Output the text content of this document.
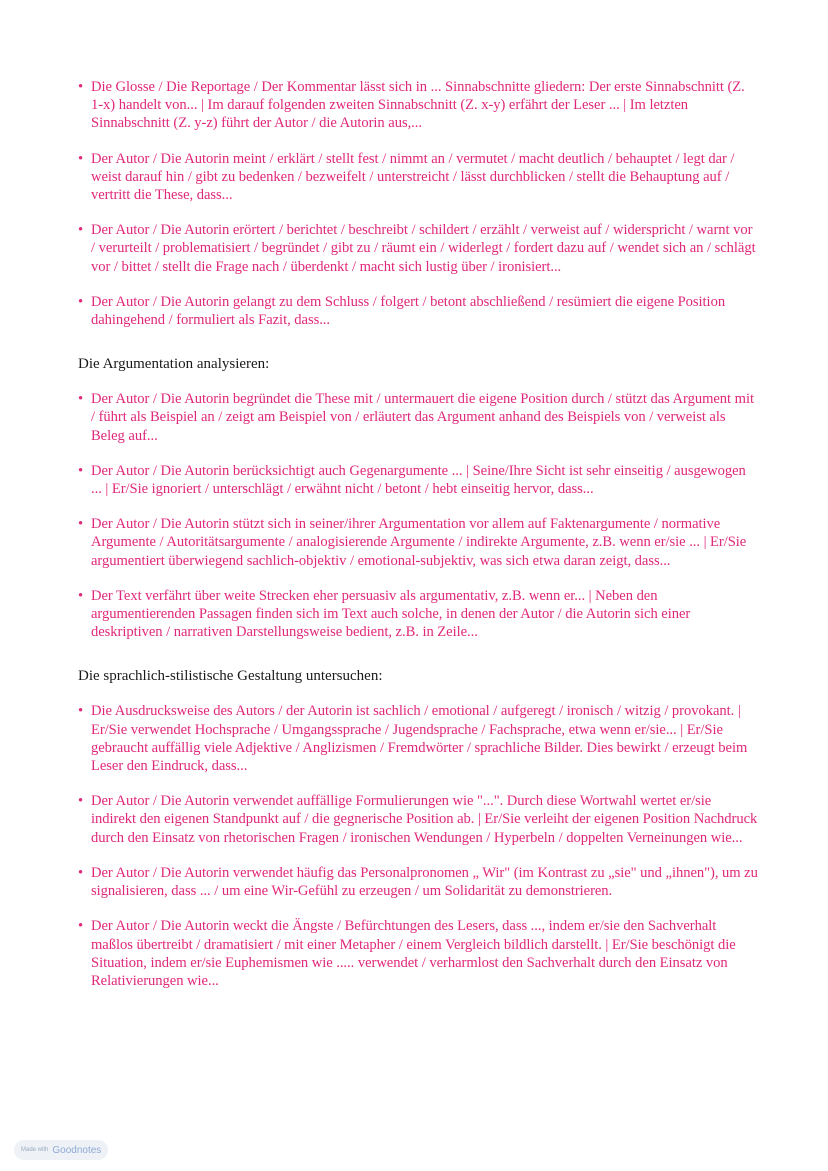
• Die Glosse / Die Reportage / Der Kommentar lässt sich in ... Sinnabschnitte gliedern: Der erste Sinnabschnitt (Z. 1-x) handelt von... | Im darauf folgenden zweiten Sinnabschnitt (Z. x-y) erfährt der Leser ... | Im letzten Sinnabschnitt (Z. y-z) führt der Autor / die Autorin aus,...
• Der Autor / Die Autorin meint / erklärt / stellt fest / nimmt an / vermutet / macht deutlich / behauptet / legt dar / weist darauf hin / gibt zu bedenken / bezweifelt / unterstreicht / lässt durchblicken / stellt die Behauptung auf / vertritt die These, dass...
• Der Autor / Die Autorin erörtert / berichtet / beschreibt / schildert / erzählt / verweist auf / widerspricht / warnt vor / verurteilt / problematisiert / begründet / gibt zu / räumt ein / widerlegt / fordert dazu auf / wendet sich an / schlägt vor / bittet / stellt die Frage nach / überdenkt / macht sich lustig über / ironisiert...
• Der Autor / Die Autorin gelangt zu dem Schluss / folgert / betont abschließend / resümiert die eigene Position dahingehend / formuliert als Fazit, dass...
Die Argumentation analysieren:
• Der Autor / Die Autorin begründet die These mit / untermauert die eigene Position durch / stützt das Argument mit / führt als Beispiel an / zeigt am Beispiel von / erläutert das Argument anhand des Beispiels von / verweist als Beleg auf...
• Der Autor / Die Autorin berücksichtigt auch Gegenargumente ... | Seine/Ihre Sicht ist sehr einseitig / ausgewogen ... | Er/Sie ignoriert / unterschlägt / erwähnt nicht / betont / hebt einseitig hervor, dass...
• Der Autor / Die Autorin stützt sich in seiner/ihrer Argumentation vor allem auf Faktenargumente / normative Argumente / Autoritätsargumente / analogisierende Argumente / indirekte Argumente, z.B. wenn er/sie ... | Er/Sie argumentiert überwiegend sachlich-objektiv / emotional-subjektiv, was sich etwa daran zeigt, dass...
• Der Text verfährt über weite Strecken eher persuasiv als argumentativ, z.B. wenn er... | Neben den argumentierenden Passagen finden sich im Text auch solche, in denen der Autor / die Autorin sich einer deskriptiven / narrativen Darstellungsweise bedient, z.B. in Zeile...
Die sprachlich-stilistische Gestaltung untersuchen:
• Die Ausdrucksweise des Autors / der Autorin ist sachlich / emotional / aufgeregt / ironisch / witzig / provokant. | Er/Sie verwendet Hochsprache / Umgangssprache / Jugendsprache / Fachsprache, etwa wenn er/sie... | Er/Sie gebraucht auffällig viele Adjektive / Anglizismen / Fremdwörter / sprachliche Bilder. Dies bewirkt / erzeugt beim Leser den Eindruck, dass...
• Der Autor / Die Autorin verwendet auffällige Formulierungen wie "...". Durch diese Wortwahl wertet er/sie indirekt den eigenen Standpunkt auf / die gegnerische Position ab. | Er/Sie verleiht der eigenen Position Nachdruck durch den Einsatz von rhetorischen Fragen / ironischen Wendungen / Hyperbeln / doppelten Verneinungen wie...
• Der Autor / Die Autorin verwendet häufig das Personalpronomen „ Wir" (im Kontrast zu „sie" und „ihnen"), um zu signalisieren, dass ... / um eine Wir-Gefühl zu erzeugen / um Solidarität zu demonstrieren.
• Der Autor / Die Autorin weckt die Ängste / Befürchtungen des Lesers, dass ..., indem er/sie den Sachverhalt maßlos übertreibt / dramatisiert / mit einer Metapher / einem Vergleich bildlich darstellt. | Er/Sie beschönigt die Situation, indem er/sie Euphemismen wie ..... verwendet / verharmlost den Sachverhalt durch den Einsatz von Relativierungen wie...
Made with Goodnotes
